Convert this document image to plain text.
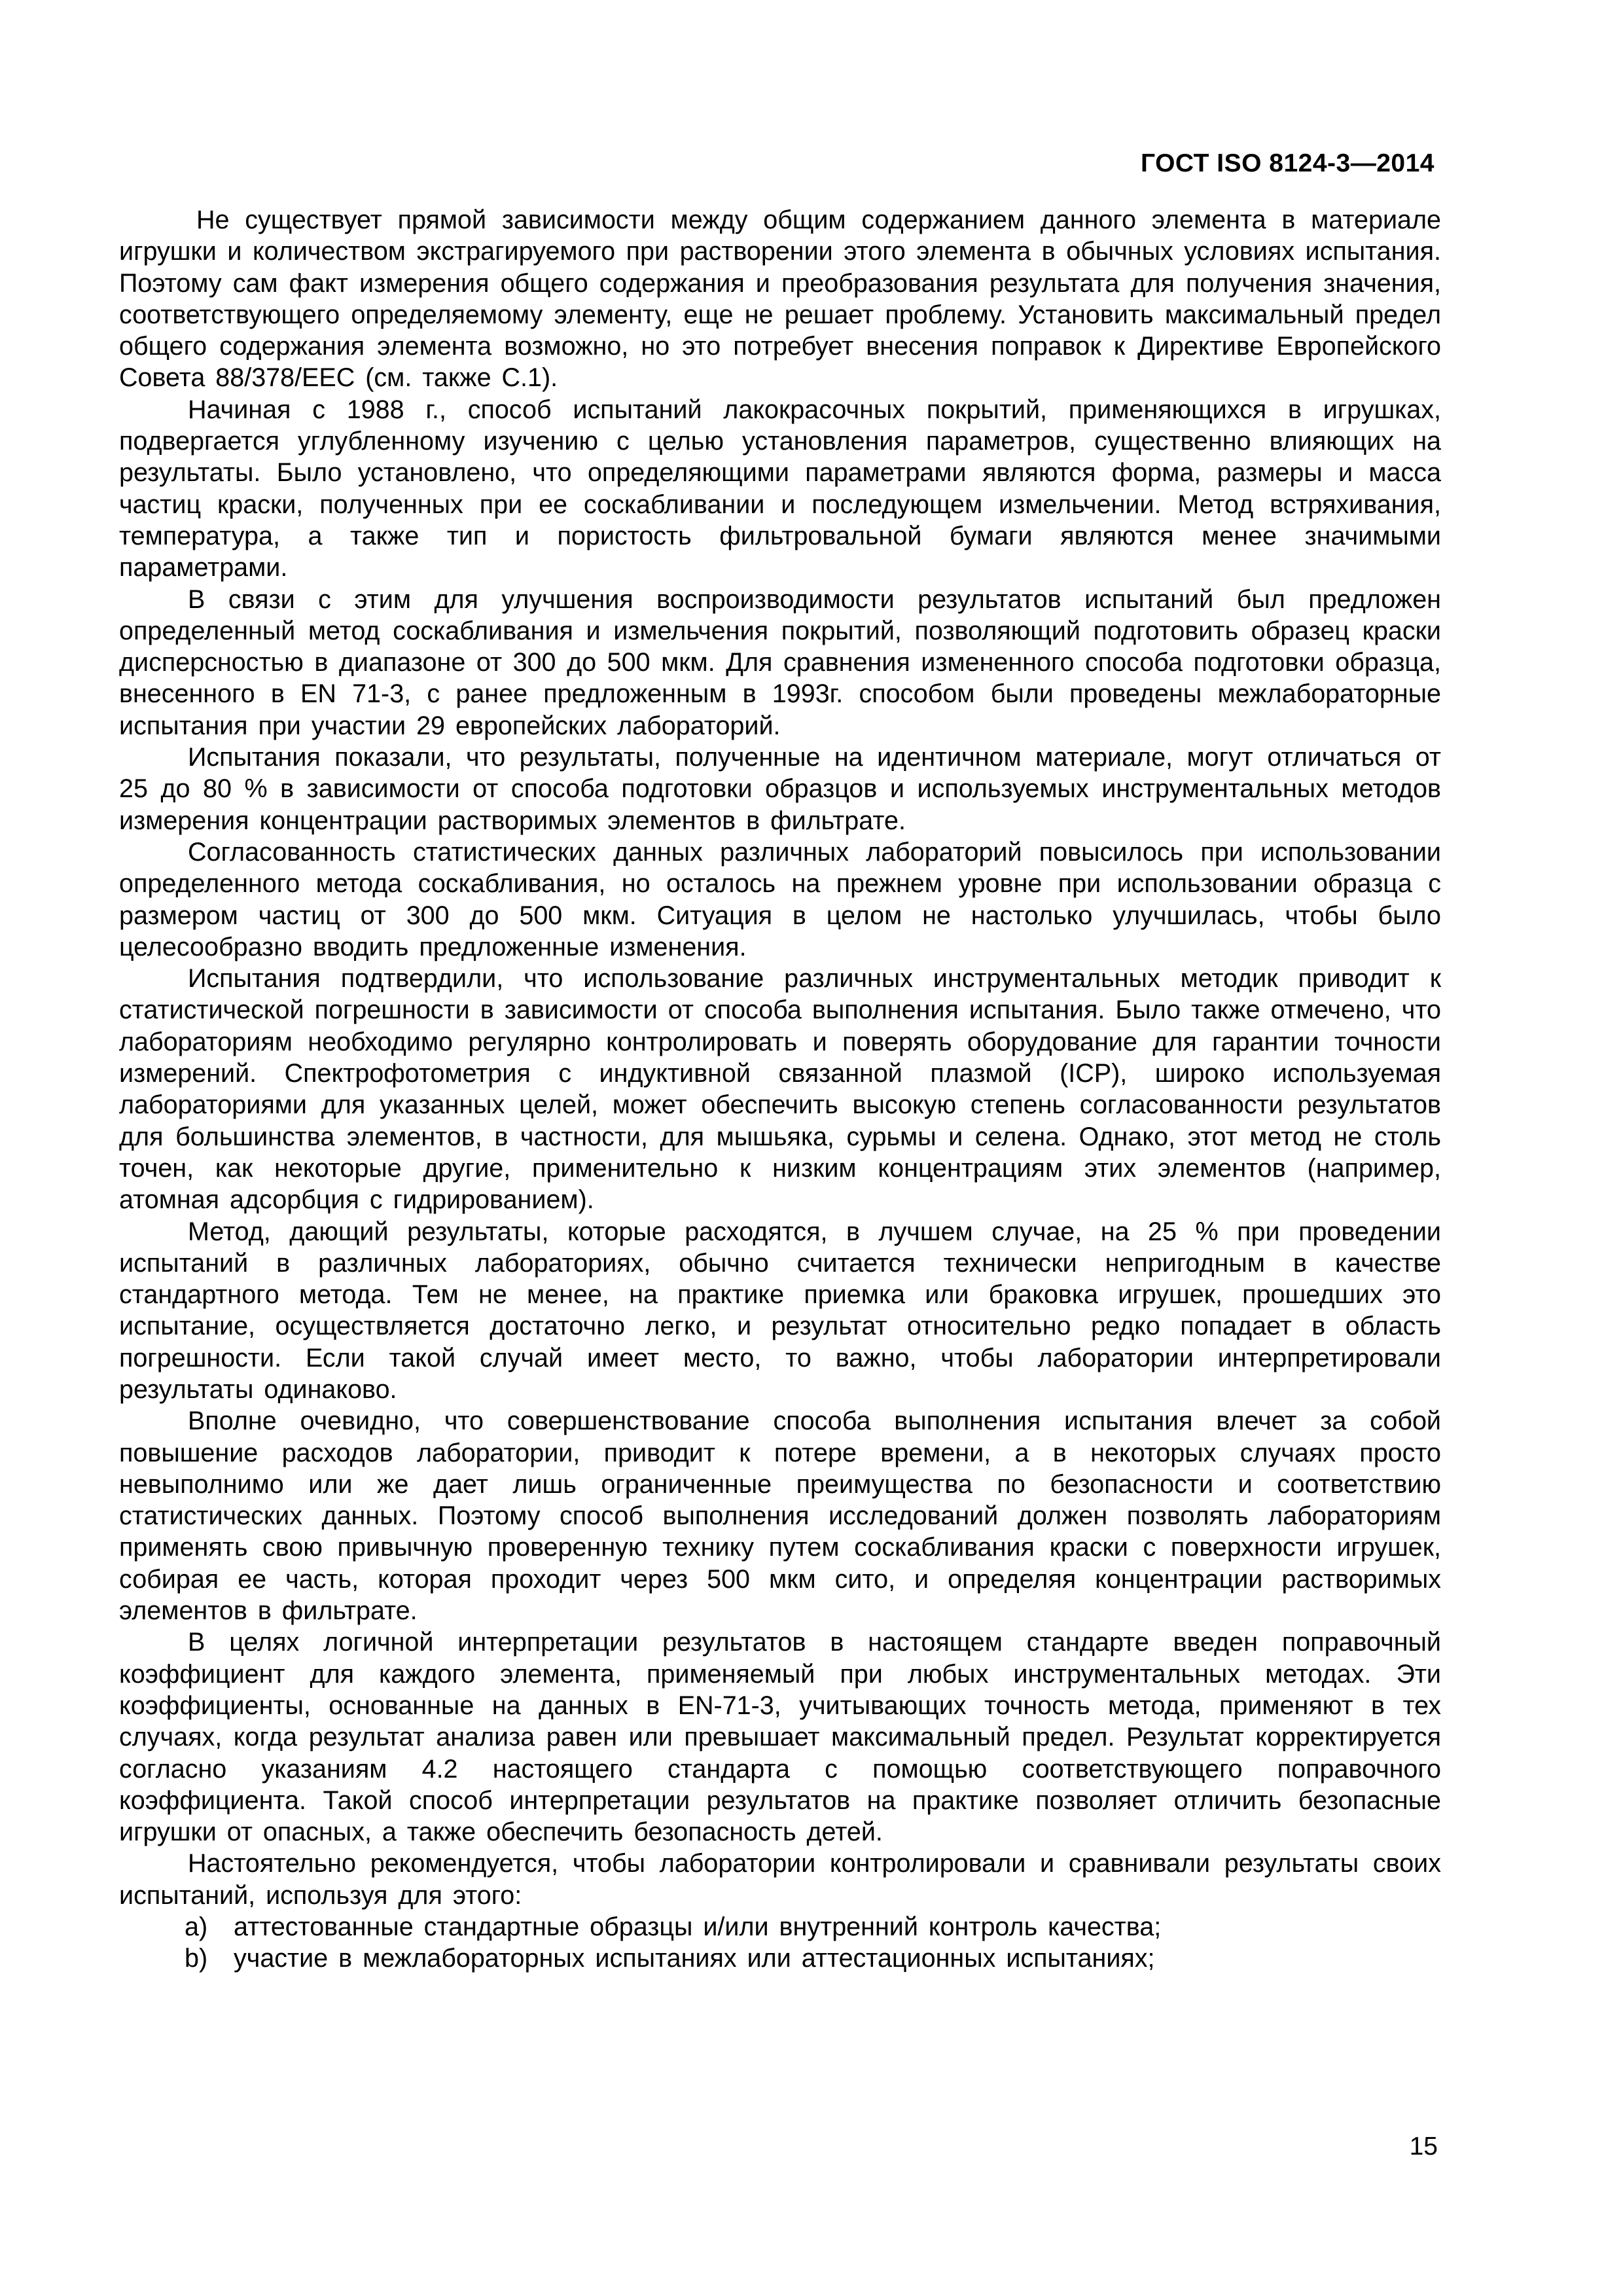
ГОСТ ISO 8124-3—2014

Не существует прямой зависимости между общим содержанием данного элемента в материале игрушки и количеством экстрагируемого при растворении этого элемента в обычных условиях испытания. Поэтому сам факт измерения общего содержания и преобразования результата для получения значения, соответствующего определяемому элементу, еще не решает проблему. Установить максимальный предел общего содержания элемента возможно, но это потребует внесения поправок к Директиве Европейского Совета 88/378/EEC (см. также С.1).

Начиная с 1988 г., способ испытаний лакокрасочных покрытий, применяющихся в игрушках, подвергается углубленному изучению с целью установления параметров, существенно влияющих на результаты. Было установлено, что определяющими параметрами являются форма, размеры и масса частиц краски, полученных при ее соскабливании и последующем измельчении. Метод встряхивания, температура, а также тип и пористость фильтровальной бумаги являются менее значимыми параметрами.

В связи с этим для улучшения воспроизводимости результатов испытаний был предложен определенный метод соскабливания и измельчения покрытий, позволяющий подготовить образец краски дисперсностью в диапазоне от 300 до 500 мкм. Для сравнения измененного способа подготовки образца, внесенного в EN 71-3, с ранее предложенным в 1993г. способом были проведены межлабораторные испытания при участии 29 европейских лабораторий.

Испытания показали, что результаты, полученные на идентичном материале, могут отличаться от 25 до 80 % в зависимости от способа подготовки образцов и используемых инструментальных методов измерения концентрации растворимых элементов в фильтрате.

Согласованность статистических данных различных лабораторий повысилось при использовании определенного метода соскабливания, но осталось на прежнем уровне при использовании образца с размером частиц от 300 до 500 мкм. Ситуация в целом не настолько улучшилась, чтобы было целесообразно вводить предложенные изменения.

Испытания подтвердили, что использование различных инструментальных методик приводит к статистической погрешности в зависимости от способа выполнения испытания. Было также отмечено, что лабораториям необходимо регулярно контролировать и поверять оборудование для гарантии точности измерений. Спектрофотометрия с индуктивной связанной плазмой (ICP), широко используемая лабораториями для указанных целей, может обеспечить высокую степень согласованности результатов для большинства элементов, в частности, для мышьяка, сурьмы и селена. Однако, этот метод не столь точен, как некоторые другие, применительно к низким концентрациям этих элементов (например, атомная адсорбция с гидрированием).

Метод, дающий результаты, которые расходятся, в лучшем случае, на 25 % при проведении испытаний в различных лабораториях, обычно считается технически непригодным в качестве стандартного метода. Тем не менее, на практике приемка или браковка игрушек, прошедших это испытание, осуществляется достаточно легко, и результат относительно редко попадает в область погрешности. Если такой случай имеет место, то важно, чтобы лаборатории интерпретировали результаты одинаково.

Вполне очевидно, что совершенствование способа выполнения испытания влечет за собой повышение расходов лаборатории, приводит к потере времени, а в некоторых случаях просто невыполнимо или же дает лишь ограниченные преимущества по безопасности и соответствию статистических данных. Поэтому способ выполнения исследований должен позволять лабораториям применять свою привычную проверенную технику путем соскабливания краски с поверхности игрушек, собирая ее часть, которая проходит через 500 мкм сито, и определяя концентрации растворимых элементов в фильтрате.

В целях логичной интерпретации результатов в настоящем стандарте введен поправочный коэффициент для каждого элемента, применяемый при любых инструментальных методах. Эти коэффициенты, основанные на данных в EN-71-3, учитывающих точность метода, применяют в тех случаях, когда результат анализа равен или превышает максимальный предел. Результат корректируется согласно указаниям 4.2 настоящего стандарта с помощью соответствующего поправочного коэффициента. Такой способ интерпретации результатов на практике позволяет отличить безопасные игрушки от опасных, а также обеспечить безопасность детей.

Настоятельно рекомендуется, чтобы лаборатории контролировали и сравнивали результаты своих испытаний, используя для этого:

a) аттестованные стандартные образцы и/или внутренний контроль качества;
b) участие в межлабораторных испытаниях или аттестационных испытаниях;
15
